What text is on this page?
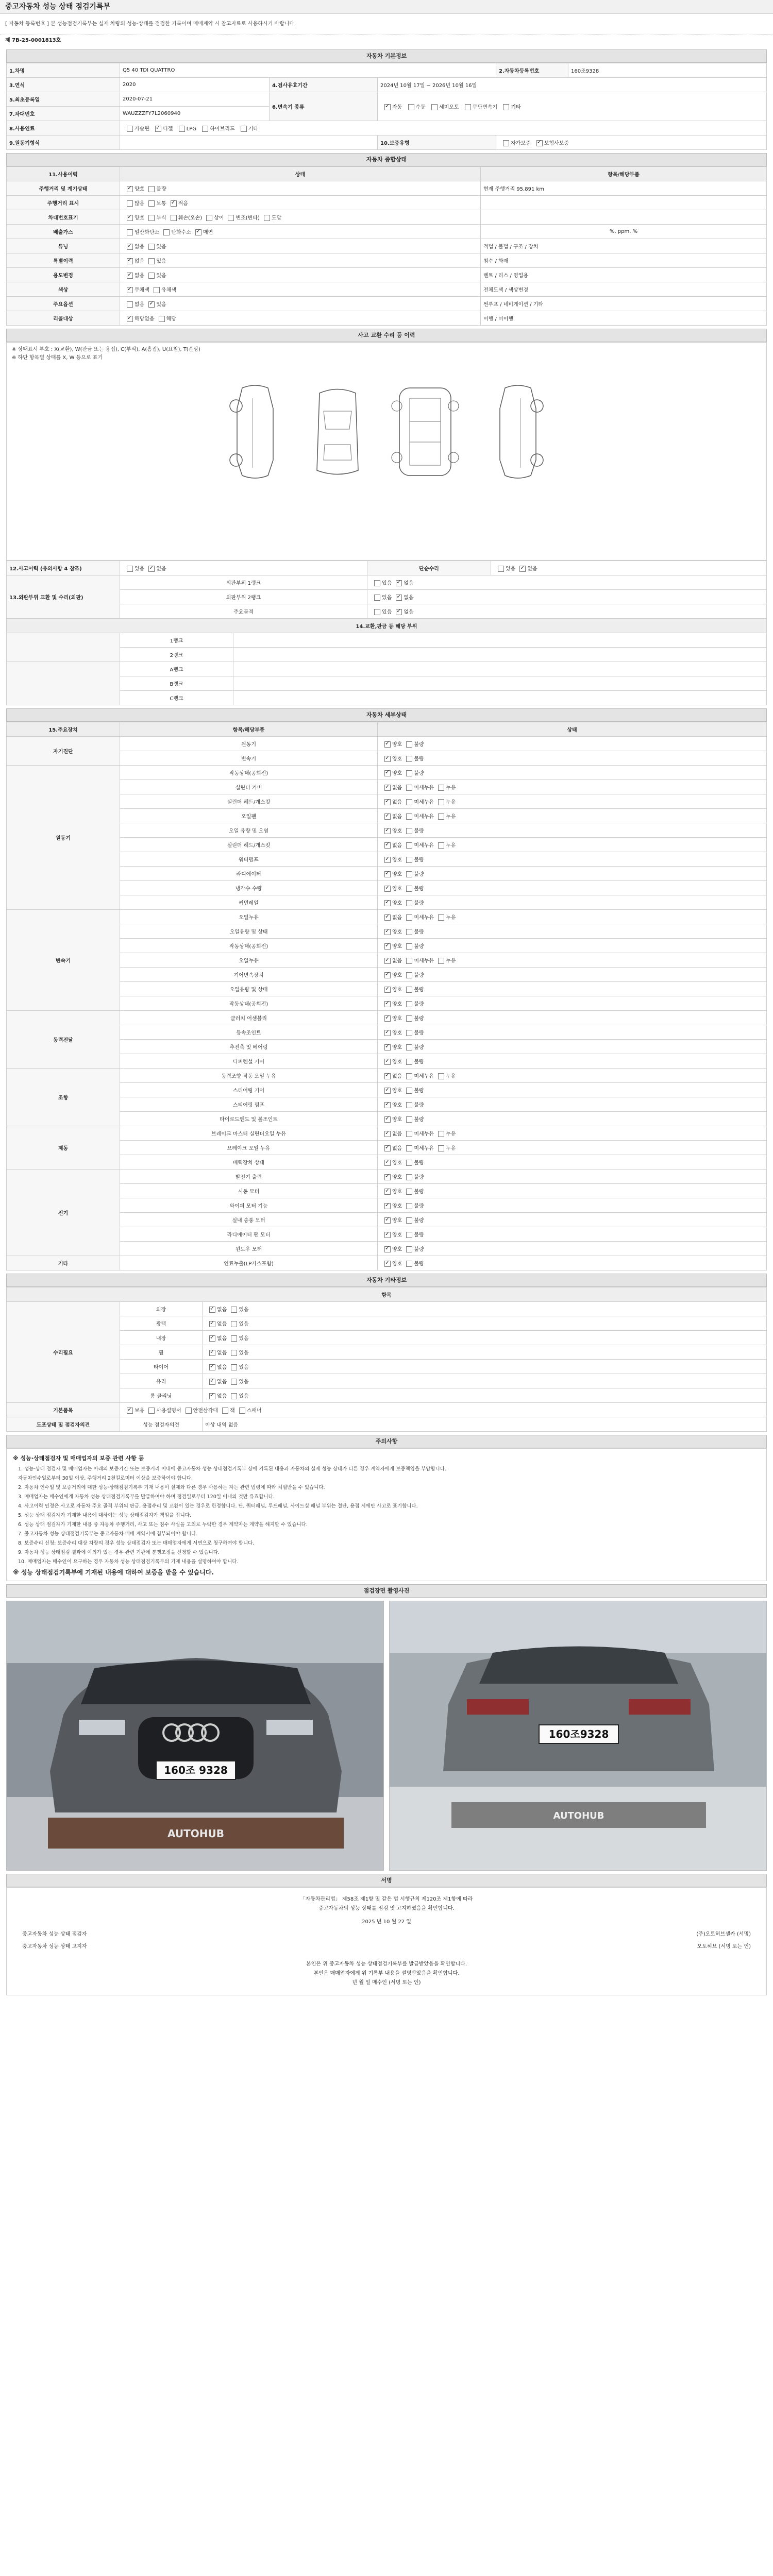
중고자동차 성능 상태 점검기록부
[ 자동차 등록번호 ] 본 성능점검기록부는 실제 차량의 성능·상태를 점검한 기록이며 매매계약 시 참고자료로 사용하시기 바랍니다.
제 7B-25-0001813호
자동차 기본정보
1.차명	Q5 40 TDI QUATTRO			2.자동차등록번호	160조9328
3.연식	2020	4.검사유효기간	2024년 10월 17일 ~ 2026년 10월 16일		
5.최초등록일	2020-07-21	6.변속기 종류	✓자동 수동 세미오토 무단변속기 기타
7.차대번호	WAUZZZFY7L2060940				
8.사용연료	가솔린 ✓ 디젤 LPG 하이브리드 기타
9.원동기형식			10.보증유형	자가보증 ✓ 보험사보증
자동차 종합상태
11.사용이력	상태	항목/해당부품
주행거리 및 계기상태	✓양호 불량	현재 주행거리 95,891 km
주행거리 표시	많음 보통 ✓ 적음	
차대번호표기	✓양호 부식 훼손(오손) 상이 변조(변타) 도말	
배출가스	일산화탄소 탄화수소 ✓ 매연	%, ppm, %
튜닝	✓없음 있음	적법 / 불법 / 구조 / 장치
특별이력	✓없음 있음	침수 / 화재
용도변경	✓없음 있음	렌트 / 리스 / 영업용
색상	✓무채색 유채색	전체도색 / 색상변경
주요옵션	없음 ✓ 있음	썬루프 / 네비게이션 / 기타
리콜대상	✓해당없음 해당	이행 / 미이행
사고 교환 수리 등 이력
※ 상태표시 부호 : X(교환), W(판금 또는 용접), C(부식), A(흠집), U(요철), T(손상)
※ 하단 항목별 상태를 X, W 등으로 표기
12.사고이력 (유의사항 4 참조)	있음 ✓ 없음		단순수리	있음 ✓ 없음
13.외판부위 교환 및 수리(외판)	외판부위 1랭크		있음 ✓ 없음
	외판부위 2랭크		있음 ✓ 없음
	주요골격		있음 ✓ 없음
14.교환,판금 등 해당 부위				
	1랭크			
	2랭크			
	A랭크			
	B랭크			
	C랭크			
자동차 세부상태
15.주요장치	항목/해당부품	상태
자기진단	원동기	✓양호 불량
	변속기	✓양호 불량
원동기	작동상태(공회전)	✓양호 불량
	실린더 커버	✓없음 미세누유 누유
	실린더 헤드/개스킷	✓없음 미세누유 누유
	오일팬	✓없음 미세누유 누유
	오일 유량 및 오염	✓양호 불량
	실린더 헤드/개스킷	✓없음 미세누유 누유
	워터펌프	✓양호 불량
	라디에이터	✓양호 불량
	냉각수 수량	✓양호 불량
	커먼레일	✓양호 불량
변속기	오일누유	✓없음 미세누유 누유
	오일유량 및 상태	✓양호 불량
	작동상태(공회전)	✓양호 불량
	오일누유	✓없음 미세누유 누유
	기어변속장치	✓양호 불량
	오일유량 및 상태	✓양호 불량
	작동상태(공회전)	✓양호 불량
동력전달	클러치 어셈블리	✓양호 불량
	등속조인트	✓양호 불량
	추진축 및 베어링	✓양호 불량
	디퍼렌셜 기어	✓양호 불량
조향	동력조향 작동 오일 누유	✓없음 미세누유 누유
	스티어링 기어	✓양호 불량
	스티어링 펌프	✓양호 불량
	타이로드엔드 및 볼조인트	✓양호 불량
제동	브레이크 마스터 실린더오일 누유	✓없음 미세누유 누유
	브레이크 오일 누유	✓없음 미세누유 누유
	배력장치 상태	✓양호 불량
전기	발전기 출력	✓양호 불량
	시동 모터	✓양호 불량
	와이퍼 모터 기능	✓양호 불량
	실내 송풍 모터	✓양호 불량
	라디에이터 팬 모터	✓양호 불량
	윈도우 모터	✓양호 불량
기타	연료누출(LP가스포함)	✓양호 불량
자동차 기타정보
항목		
수리필요	외장	✓없음 있음
	광택	✓없음 있음
	내장	✓없음 있음
	휠	✓없음 있음
	타이어	✓없음 있음
	유리	✓없음 있음
	룸 클리닝	✓없음 있음
기본품목	✓보유 사용설명서 안전삼각대 잭 스패너
도포상태 및 점검자의견	성능 점검자의견	이상 내역 없음
주의사항
※ 성능·상태점검자 및 매매업자의 보증 관련 사항 등
1. 성능·상태 점검자 및 매매업자는 아래의 보증기간 또는 보증거리 이내에 중고자동차 성능 상태점검기록부 상에 기록된 내용과 자동차의 실제 성능 상태가 다른 경우 계약자에게 보증책임을 부담합니다.
자동차인수일로부터 30일 이상, 주행거리 2천킬로미터 이상을 보증하여야 합니다.
2. 자동차 인수일 및 보증거리에 대한 성능·상태점검기록부 기재 내용이 실제와 다른 경우 사용하는 자는 관련 법령에 따라 처벌받을 수 있습니다.
3. 매매업자는 매수인에게 자동차 성능 상태점검기록부를 발급하여야 하며 점검일로부터 120일 이내의 것만 유효합니다.
4. 사고이력 인정은 사고로 자동차 주요 골격 부위의 판금, 용접수리 및 교환이 있는 경우로 한정합니다. 단, 쿼터패널, 루프패널, 사이드실 패널 부위는 절단, 용접 시에만 사고로 표기합니다.
5. 성능 상태 점검자가 기재한 내용에 대하여는 성능 상태점검자가 책임을 집니다.
6. 성능 상태 점검자가 기재한 내용 중 자동차 주행거리, 사고 또는 침수 사실을 고의로 누락한 경우 계약자는 계약을 해지할 수 있습니다.
7. 중고자동차 성능 상태점검기록부는 중고자동차 매매 계약서에 첨부되어야 합니다.
8. 보증수리 신청: 보증수리 대상 차량의 경우 성능 상태점검자 또는 매매업자에게 서면으로 청구하여야 합니다.
9. 자동차 성능 상태점검 결과에 이의가 있는 경우 관련 기관에 분쟁조정을 신청할 수 있습니다.
10. 매매업자는 매수인이 요구하는 경우 자동차 성능 상태점검기록부의 기재 내용을 설명하여야 합니다.
※ 성능 상태점검기록부에 기재된 내용에 대하여 보증을 받을 수 있습니다.
점검장면 촬영사진
160조 9328
AUTOHUB
160조9328
AUTOHUB
서명
「자동차관리법」 제58조 제1항 및 같은 법 시행규칙 제120조 제1항에 따라
중고자동차의 성능 상태를 점검 및 고지하였음을 확인합니다.
2025 년 10 월 22 일
중고자동차 성능 상태 점검자	(주)오토허브셀카 (서명)
중고자동차 성능 상태 고지자	오토허브 (서명 또는 인)
본인은 위 중고자동차 성능 상태점검기록부를 발급받았음을 확인합니다.
본인은 매매업자에게 위 기록부 내용을 설명받았음을 확인합니다.
년 월 일 매수인 (서명 또는 인)
